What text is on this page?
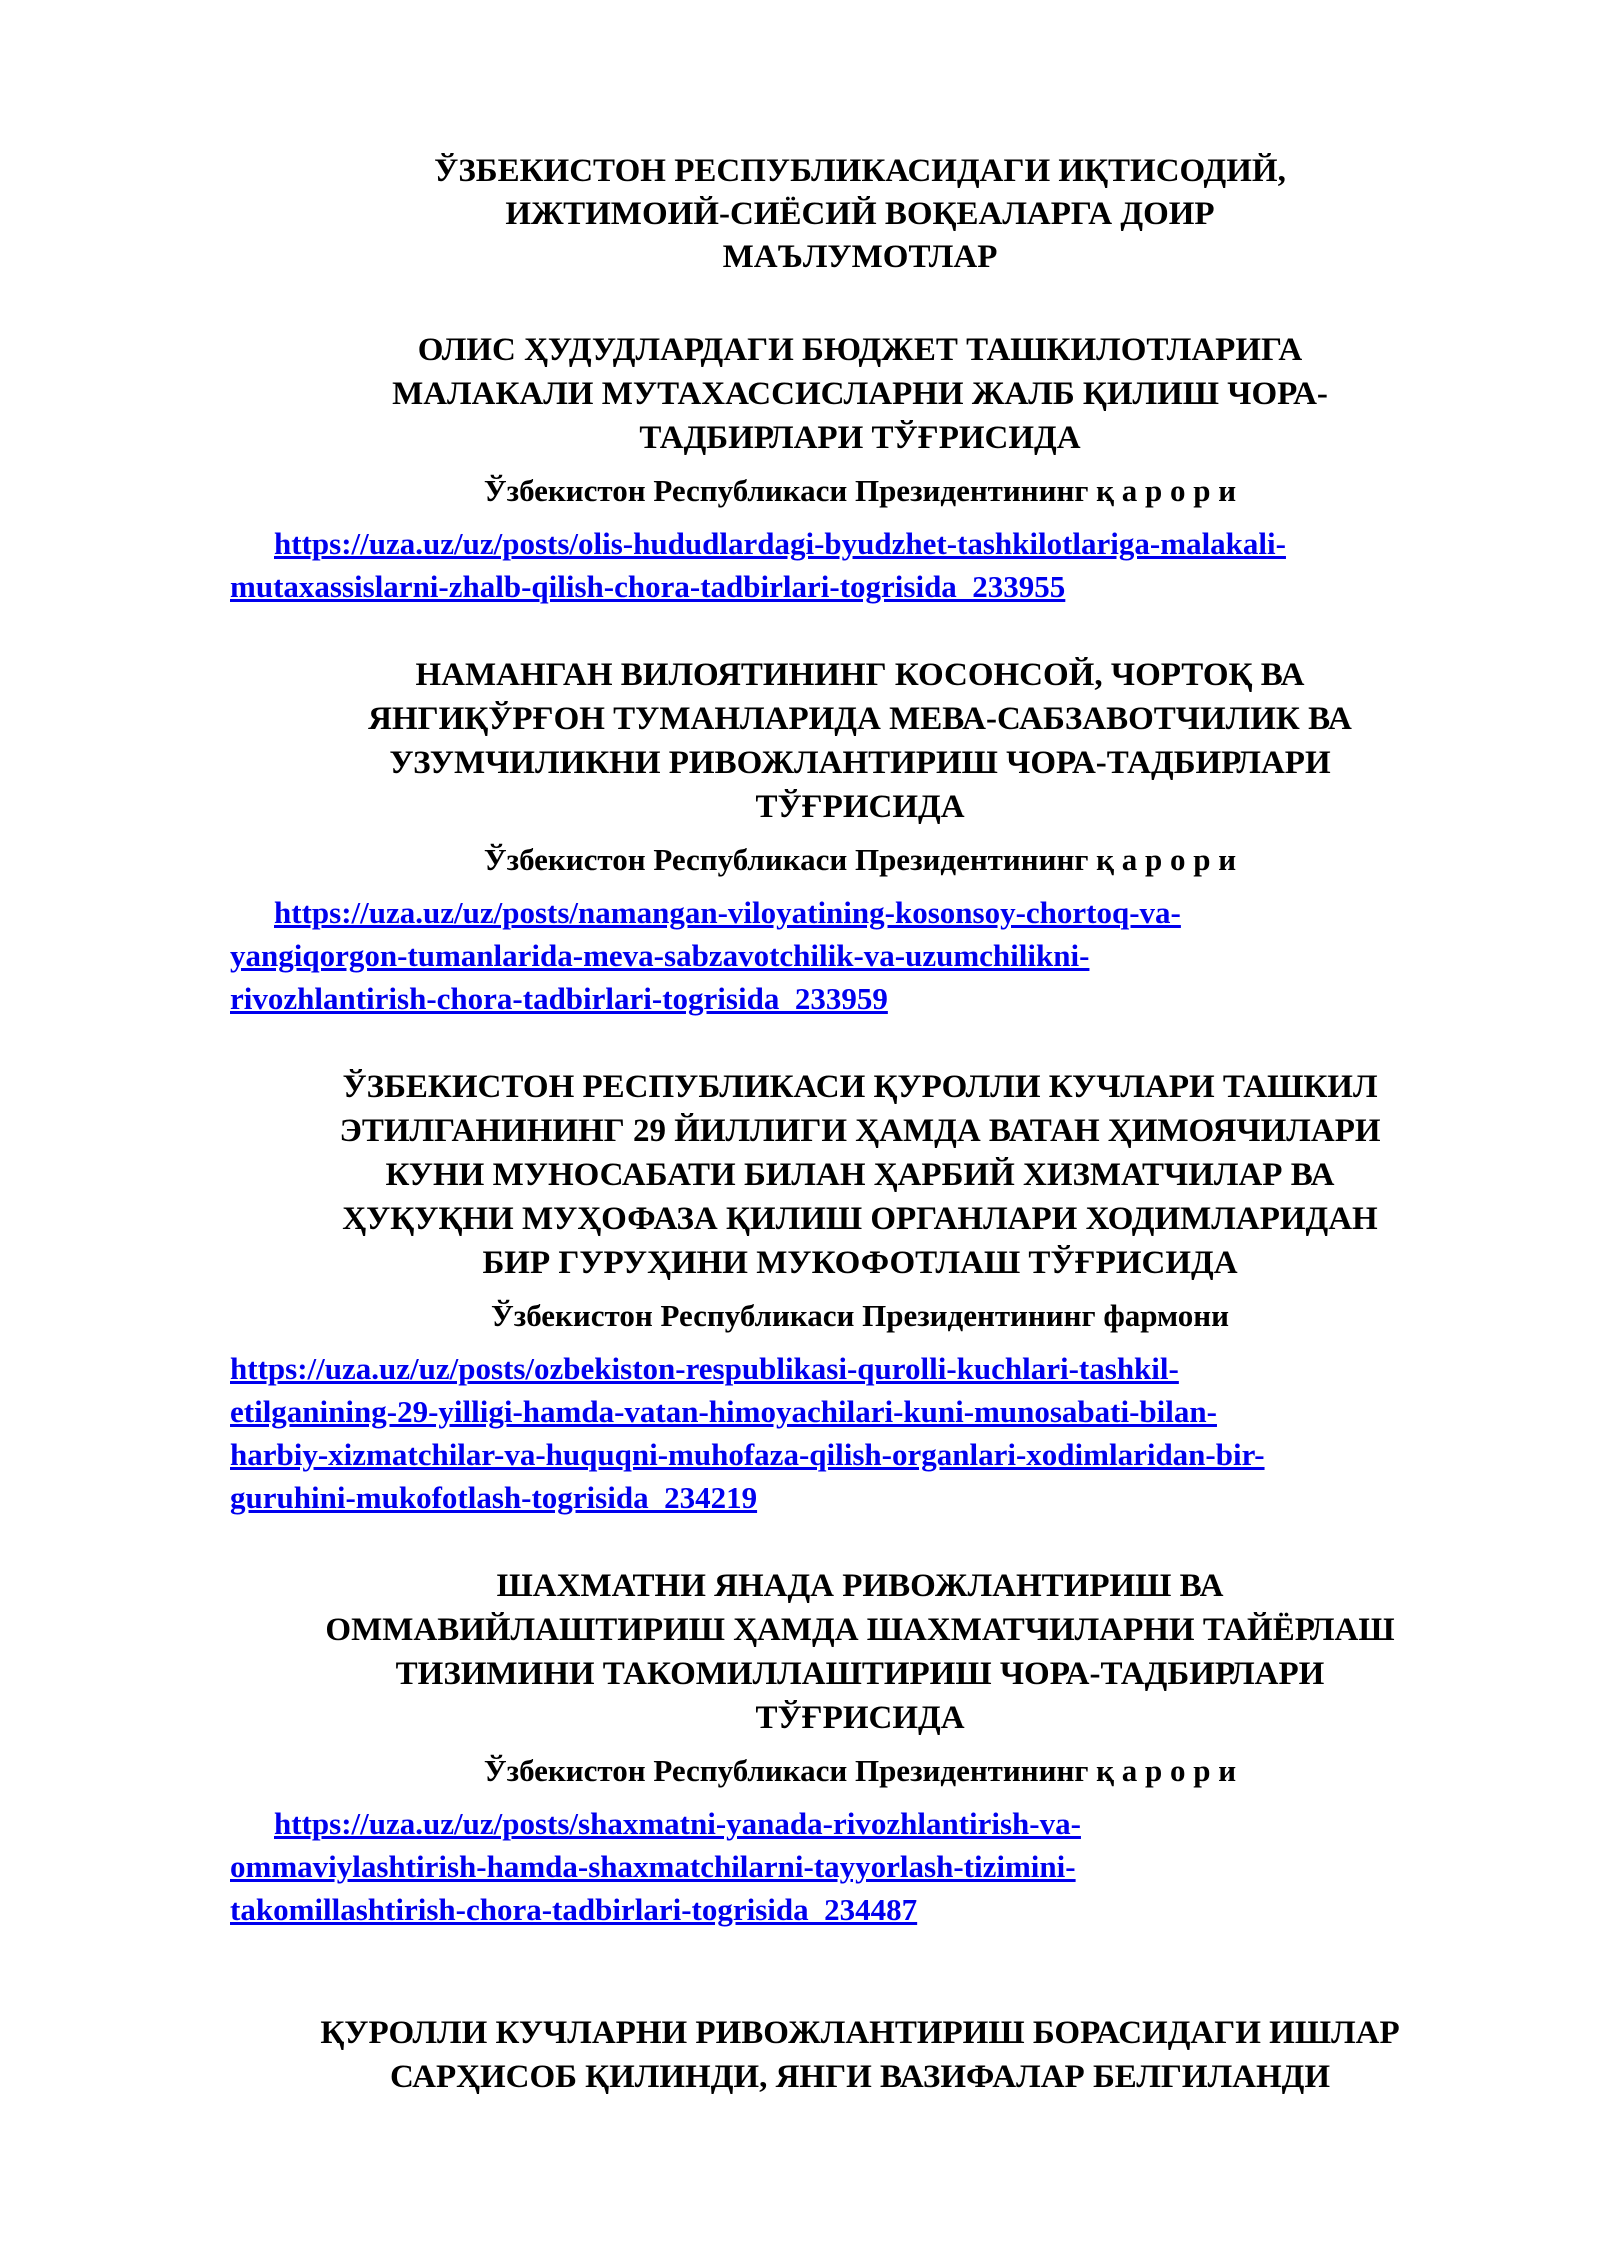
ЎЗБЕКИСТОН РЕСПУБЛИКАСИДАГИ ИҚТИСОДИЙ,
ИЖТИМОИЙ-СИЁСИЙ ВОҚЕАЛАРГА ДОИР
МАЪЛУМОТЛАР
ОЛИС ҲУДУДЛАРДАГИ БЮДЖЕТ ТАШКИЛОТЛАРИГА
МАЛАКАЛИ МУТАХАССИСЛАРНИ ЖАЛБ ҚИЛИШ ЧОРА-
ТАДБИРЛАРИ ТЎҒРИСИДА
Ўзбекистон Республикаси Президентининг қ а р о р и
https://uza.uz/uz/posts/olis-hududlardagi-byudzhet-tashkilotlariga-malakali-
mutaxassislarni-zhalb-qilish-chora-tadbirlari-togrisida_233955
НАМАНГАН ВИЛОЯТИНИНГ КОСОНСОЙ, ЧОРТОҚ ВА
ЯНГИҚЎРҒОН ТУМАНЛАРИДА МЕВА-САБЗАВОТЧИЛИК ВА
УЗУМЧИЛИКНИ РИВОЖЛАНТИРИШ ЧОРА-ТАДБИРЛАРИ
ТЎҒРИСИДА
Ўзбекистон Республикаси Президентининг қ а р о р и
https://uza.uz/uz/posts/namangan-viloyatining-kosonsoy-chortoq-va-
yangiqorgon-tumanlarida-meva-sabzavotchilik-va-uzumchilikni-
rivozhlantirish-chora-tadbirlari-togrisida_233959
ЎЗБЕКИСТОН РЕСПУБЛИКАСИ ҚУРОЛЛИ КУЧЛАРИ ТАШКИЛ
ЭТИЛГАНИНИНГ 29 ЙИЛЛИГИ ҲАМДА ВАТАН ҲИМОЯЧИЛАРИ
КУНИ МУНОСАБАТИ БИЛАН ҲАРБИЙ ХИЗМАТЧИЛАР ВА
ҲУҚУҚНИ МУҲОФАЗА ҚИЛИШ ОРГАНЛАРИ ХОДИМЛАРИДАН
БИР ГУРУҲИНИ МУКОФОТЛАШ ТЎҒРИСИДА
Ўзбекистон Республикаси Президентининг фармони
https://uza.uz/uz/posts/ozbekiston-respublikasi-qurolli-kuchlari-tashkil-
etilganining-29-yilligi-hamda-vatan-himoyachilari-kuni-munosabati-bilan-
harbiy-xizmatchilar-va-huquqni-muhofaza-qilish-organlari-xodimlaridan-bir-
guruhini-mukofotlash-togrisida_234219
ШАХМАТНИ ЯНАДА РИВОЖЛАНТИРИШ ВА
ОММАВИЙЛАШТИРИШ ҲАМДА ШАХМАТЧИЛАРНИ ТАЙЁРЛАШ
ТИЗИМИНИ ТАКОМИЛЛАШТИРИШ ЧОРА-ТАДБИРЛАРИ
ТЎҒРИСИДА
Ўзбекистон Республикаси Президентининг қ а р о р и
https://uza.uz/uz/posts/shaxmatni-yanada-rivozhlantirish-va-
ommaviylashtirish-hamda-shaxmatchilarni-tayyorlash-tizimini-
takomillashtirish-chora-tadbirlari-togrisida_234487
ҚУРОЛЛИ КУЧЛАРНИ РИВОЖЛАНТИРИШ БОРАСИДАГИ ИШЛАР
САРҲИСОБ ҚИЛИНДИ, ЯНГИ ВАЗИФАЛАР БЕЛГИЛАНДИ
